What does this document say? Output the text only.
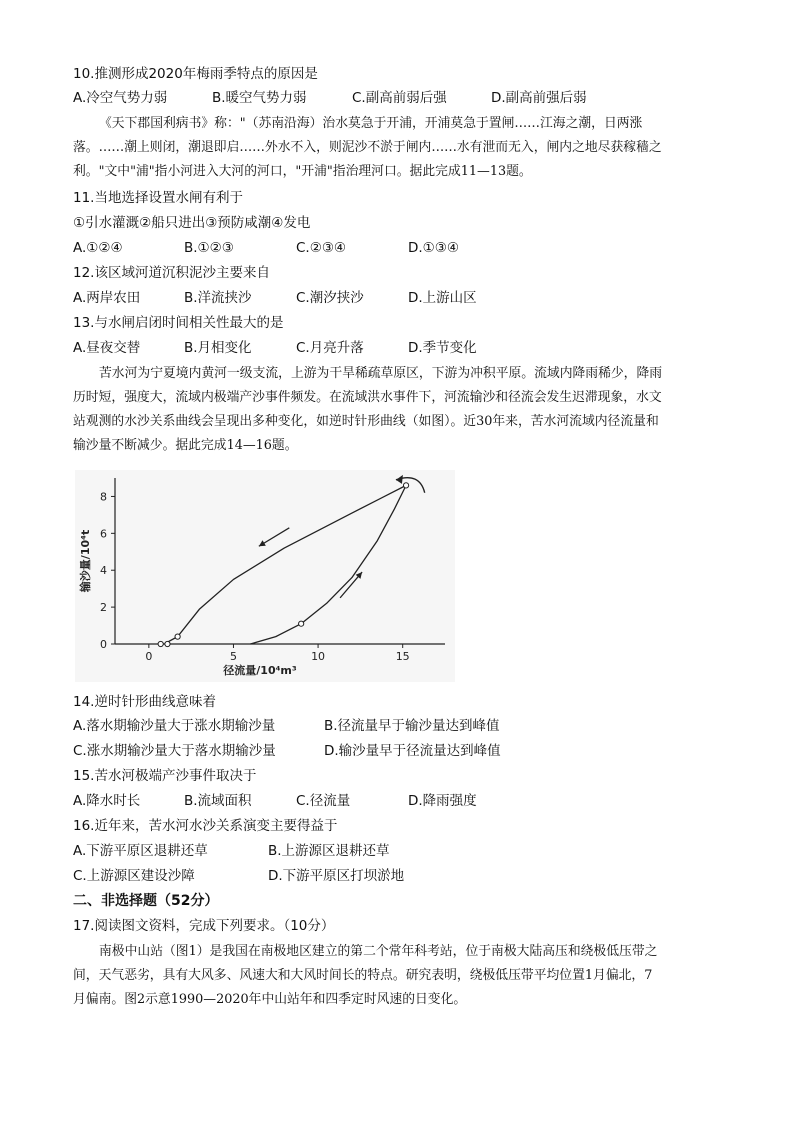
10.推测形成2020年梅雨季特点的原因是
A.冷空气势力弱	B.暖空气势力弱	C.副高前弱后强	D.副高前强后弱
《天下郡国利病书》称："（苏南沿海）治水莫急于开浦，开浦莫急于置闸……江海之潮，日两涨
落。……潮上则闭，潮退即启……外水不入，则泥沙不淤于闸内……水有泄而无入，闸内之地尽获稼穑之
利。"文中"浦"指小河进入大河的河口，"开浦"指治理河口。据此完成11—13题。
11.当地选择设置水闸有利于
①引水灌溉②船只进出③预防咸潮④发电
A.①②④	B.①②③	C.②③④	D.①③④
12.该区域河道沉积泥沙主要来自
A.两岸农田	B.洋流挟沙	C.潮汐挟沙	D.上游山区
13.与水闸启闭时间相关性最大的是
A.昼夜交替	B.月相变化	C.月亮升落	D.季节变化
苦水河为宁夏境内黄河一级支流，上游为干旱稀疏草原区，下游为冲积平原。流域内降雨稀少，降雨
历时短，强度大，流域内极端产沙事件频发。在流域洪水事件下，河流输沙和径流会发生迟滞现象，水文
站观测的水沙关系曲线会呈现出多种变化，如逆时针形曲线（如图）。近30年来，苦水河流域内径流量和
输沙量不断减少。据此完成14—16题。
0	5	10	15
0
2
4
6
8
径流量/10⁴m³
输沙量/10⁴t
14.逆时针形曲线意味着
A.落水期输沙量大于涨水期输沙量	B.径流量早于输沙量达到峰值
C.涨水期输沙量大于落水期输沙量	D.输沙量早于径流量达到峰值
15.苦水河极端产沙事件取决于
A.降水时长	B.流域面积	C.径流量	D.降雨强度
16.近年来，苦水河水沙关系演变主要得益于
A.下游平原区退耕还草	B.上游源区退耕还草
C.上游源区建设沙障	D.下游平原区打坝淤地
二、非选择题（52分）
17.阅读图文资料，完成下列要求。（10分）
南极中山站（图1）是我国在南极地区建立的第二个常年科考站，位于南极大陆高压和绕极低压带之
间，天气恶劣，具有大风多、风速大和大风时间长的特点。研究表明，绕极低压带平均位置1月偏北，7
月偏南。图2示意1990—2020年中山站年和四季定时风速的日变化。
